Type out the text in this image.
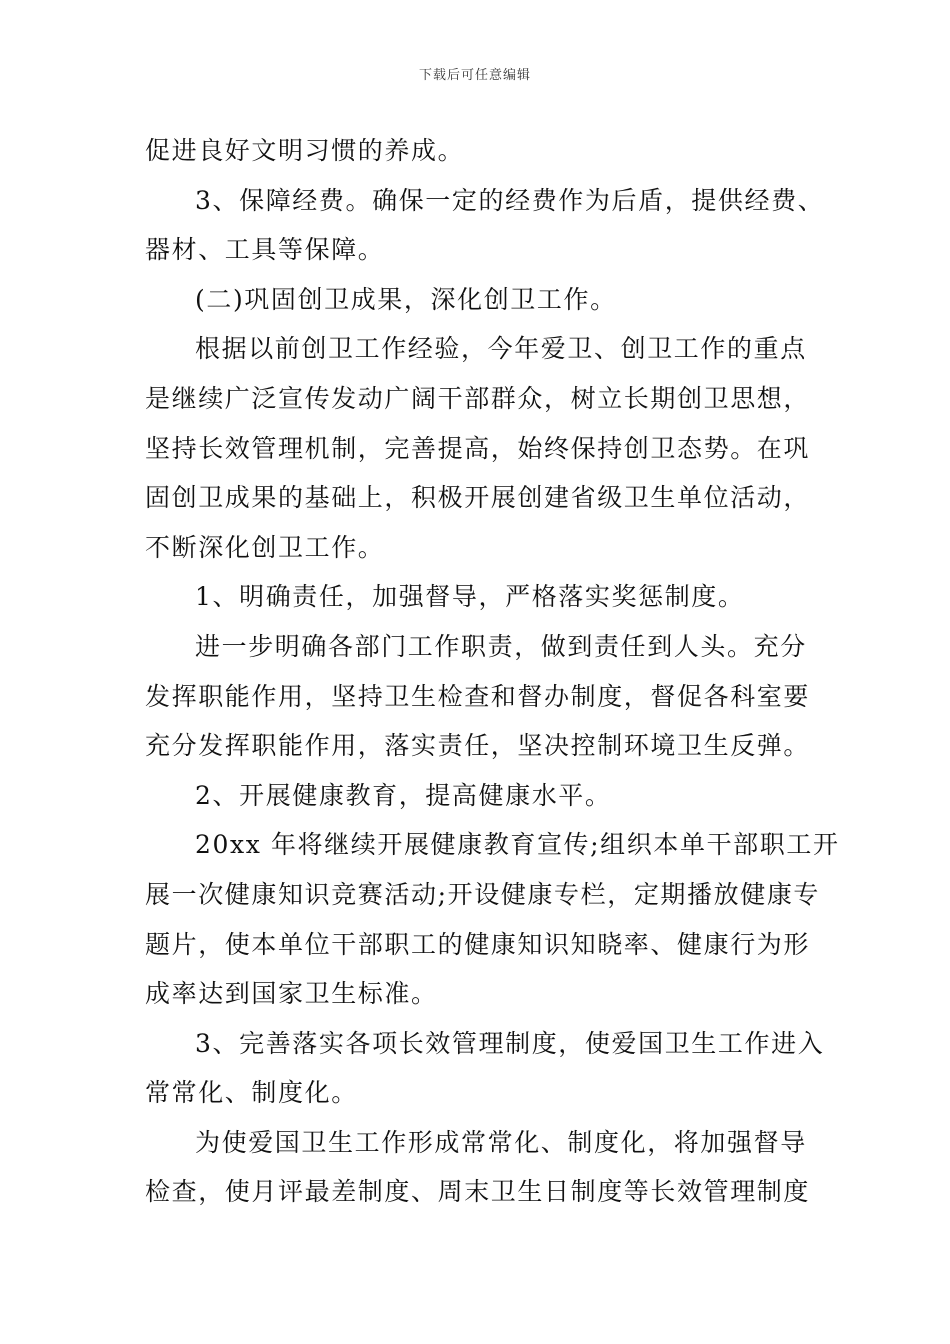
下载后可任意编辑
促进良好文明习惯的养成。
3、保障经费。确保一定的经费作为后盾，提供经费、
器材、工具等保障。
(二)巩固创卫成果，深化创卫工作。
根据以前创卫工作经验，今年爱卫、创卫工作的重点
是继续广泛宣传发动广阔干部群众，树立长期创卫思想，
坚持长效管理机制，完善提高，始终保持创卫态势。在巩
固创卫成果的基础上，积极开展创建省级卫生单位活动，
不断深化创卫工作。
1、明确责任，加强督导，严格落实奖惩制度。
进一步明确各部门工作职责，做到责任到人头。充分
发挥职能作用，坚持卫生检查和督办制度，督促各科室要
充分发挥职能作用，落实责任，坚决控制环境卫生反弹。
2、开展健康教育，提高健康水平。
20xx 年将继续开展健康教育宣传;组织本单干部职工开
展一次健康知识竞赛活动;开设健康专栏，定期播放健康专
题片，使本单位干部职工的健康知识知晓率、健康行为形
成率达到国家卫生标准。
3、完善落实各项长效管理制度，使爱国卫生工作进入
常常化、制度化。
为使爱国卫生工作形成常常化、制度化，将加强督导
检查，使月评最差制度、周末卫生日制度等长效管理制度
